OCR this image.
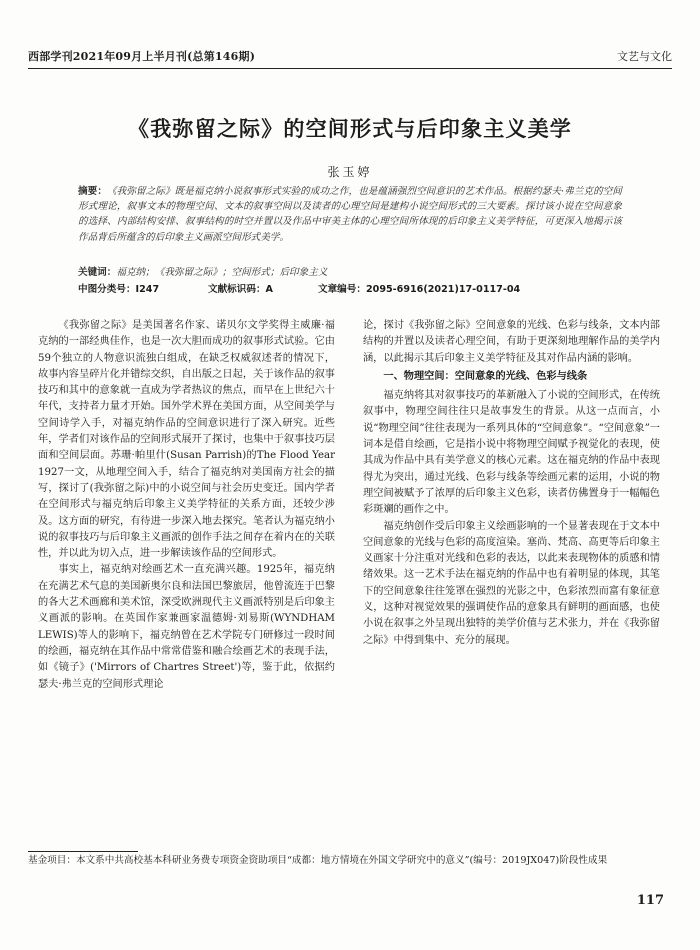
西部学刊2021年09月上半月刊(总第146期)	文艺与文化
《我弥留之际》的空间形式与后印象主义美学
张玉婷
摘要：《我弥留之际》既是福克纳小说叙事形式实验的成功之作，也是蕴涵强烈空间意识的艺术作品。根据约瑟夫·弗兰克的空间形式理论，叙事文本的物理空间、文本的叙事空间以及读者的心理空间是建构小说空间形式的三大要素。探讨该小说在空间意象的选择、内部结构安排、叙事结构的时空并置以及作品中审美主体的心理空间所体现的后印象主义美学特征，可更深入地揭示该作品背后所蕴含的后印象主义画派空间形式美学。
关键词：福克纳；《我弥留之际》；空间形式；后印象主义
中图分类号：I247	文献标识码：A	文章编号：2095-6916(2021)17-0117-04

《我弥留之际》是美国著名作家、诺贝尔文学奖得主威廉·福克纳的一部经典佳作，也是一次大胆而成功的叙事形式试验。它由59个独立的人物意识流独白组成，在缺乏权威叙述者的情况下，故事内容呈碎片化并错综交织，自出版之日起，关于该作品的叙事技巧和其中的意象就一直成为学者热议的焦点，而早在上世纪六十年代，支持者力量才开始。国外学术界在美国方面，从空间美学与空间诗学入手，对福克纳作品的空间意识进行了深入研究。近些年，学者们对该作品的空间形式展开了探讨，也集中于叙事技巧层面和空间层面。苏珊·帕里什(Susan Parrish)的The Flood Year 1927一文，从地理空间入手，结合了福克纳对美国南方社会的描写，探讨了(我弥留之际)中的小说空间与社会历史变迁。国内学者在空间形式与福克纳后印象主义美学特征的关系方面，还较少涉及。这方面的研究，有待进一步深入地去探究。笔者认为福克纳小说的叙事技巧与后印象主义画派的创作手法之间存在着内在的关联性，并以此为切入点，进一步解读该作品的空间形式。

事实上，福克纳对绘画艺术一直充满兴趣。1925年，福克纳在充满艺术气息的美国新奥尔良和法国巴黎旅居，他曾流连于巴黎的各大艺术画廊和美术馆，深受欧洲现代主义画派特别是后印象主义画派的影响。在英国作家兼画家温德姆·刘易斯(WYNDHAM LEWIS)等人的影响下，福克纳曾在艺术学院专门研修过一段时间的绘画，福克纳在其作品中常常借鉴和融合绘画艺术的表现手法，如《镜子》('Mirrors of Chartres Street')等，鉴于此，依据约瑟夫·弗兰克的空间形式理论

论，探讨《我弥留之际》空间意象的光线、色彩与线条，文本内部结构的并置以及读者心理空间，有助于更深刻地理解作品的美学内涵，以此揭示其后印象主义美学特征及其对作品内涵的影响。

一、物理空间：空间意象的光线、色彩与线条

福克纳将其对叙事技巧的革新融入了小说的空间形式，在传统叙事中，物理空间往往只是故事发生的背景。从这一点而言，小说“物理空间”往往表现为一系列具体的“空间意象”。“空间意象”一词本是借自绘画，它是指小说中将物理空间赋予视觉化的表现，使其成为作品中具有美学意义的核心元素。这在福克纳的作品中表现得尤为突出，通过光线、色彩与线条等绘画元素的运用，小说的物理空间被赋予了浓厚的后印象主义色彩，读者仿佛置身于一幅幅色彩斑斓的画作之中。

福克纳创作受后印象主义绘画影响的一个显著表现在于文本中空间意象的光线与色彩的高度渲染。塞尚、梵高、高更等后印象主义画家十分注重对光线和色彩的表达，以此来表现物体的质感和情绪效果。这一艺术手法在福克纳的作品中也有着明显的体现，其笔下的空间意象往往笼罩在强烈的光影之中，色彩浓烈而富有象征意义，这种对视觉效果的强调使作品的意象具有鲜明的画面感，也使小说在叙事之外呈现出独特的美学价值与艺术张力，并在《我弥留之际》中得到集中、充分的展现。

基金项目：本文系中共高校基本科研业务费专项资金资助项目“成都：地方情境在外国文学研究中的意义”(编号：2019JX047)阶段性成果
117
